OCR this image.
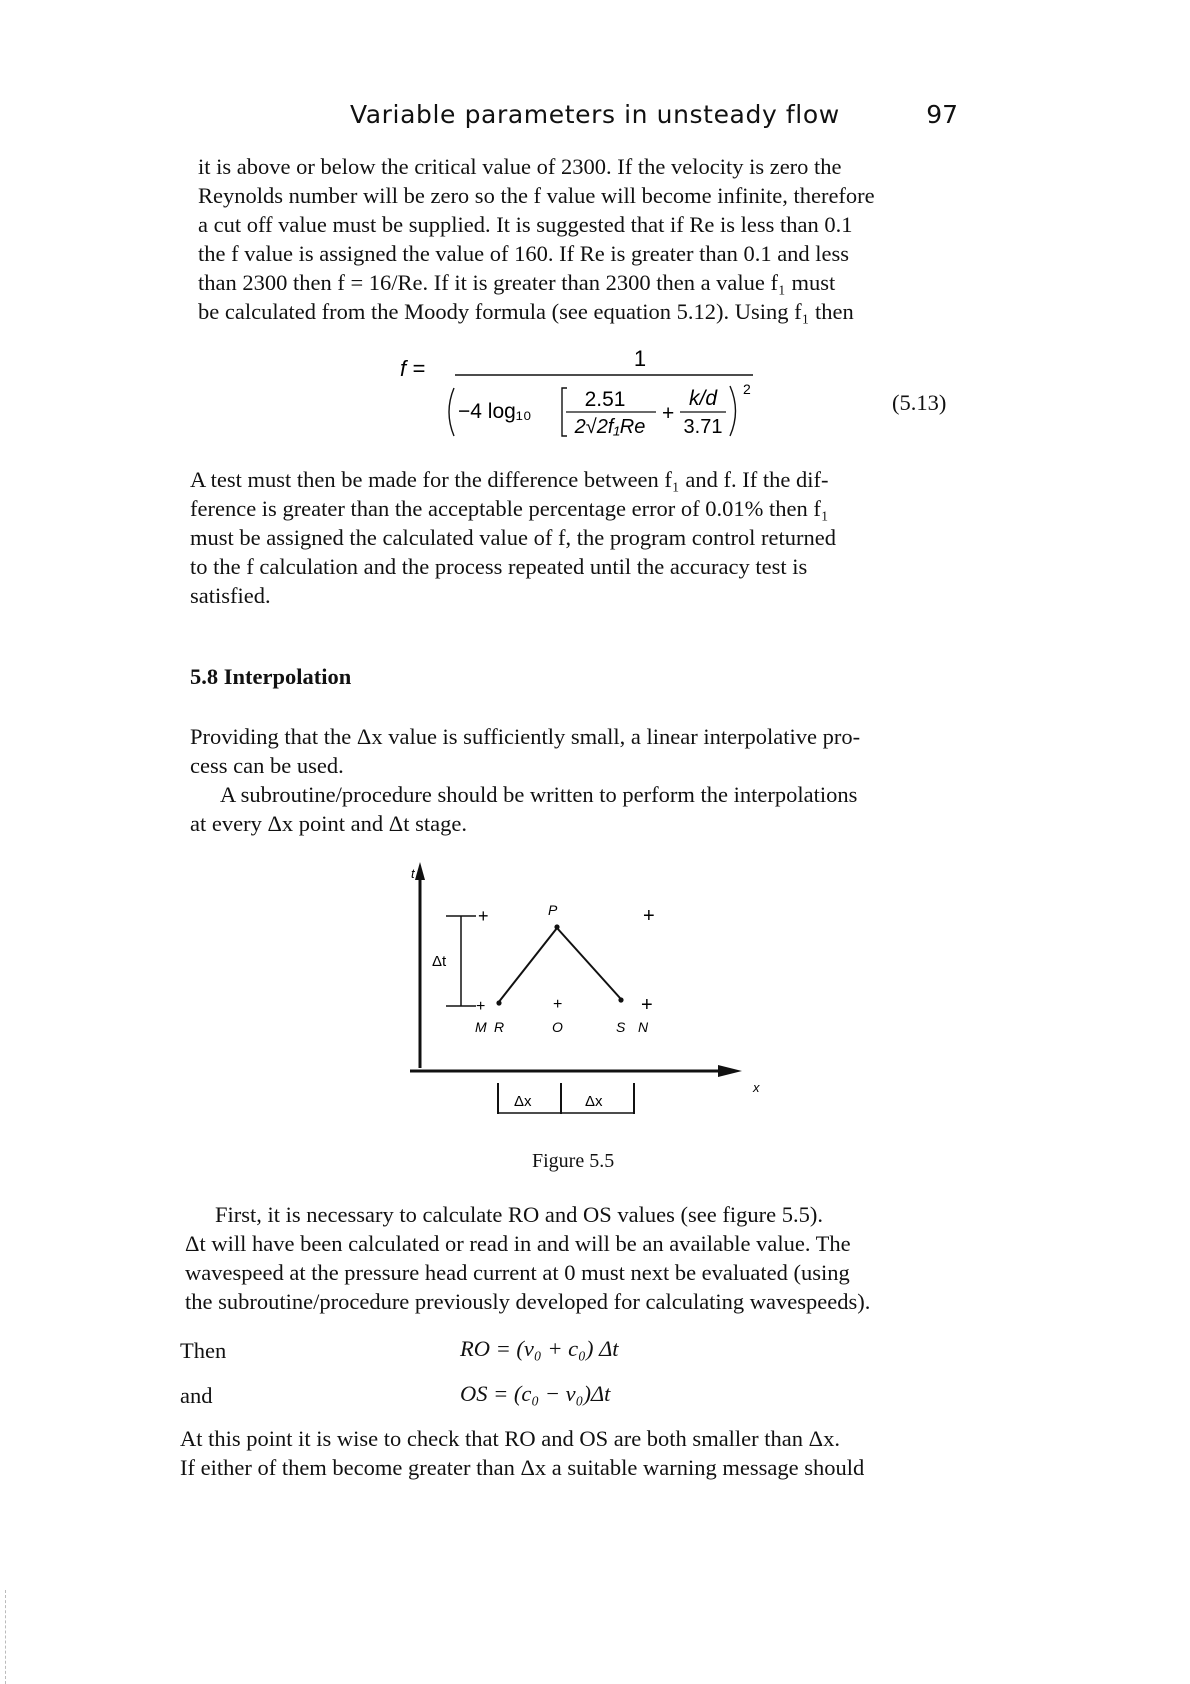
Variable parameters in unsteady flow	97

it is above or below the critical value of 2300. If the velocity is zero the
Reynolds number will be zero so the f value will become infinite, therefore
a cut off value must be supplied. It is suggested that if Re is less than 0.1
the f value is assigned the value of 160. If Re is greater than 0.1 and less
than 2300 then f = 16/Re. If it is greater than 2300 then a value f₁ must
be calculated from the Moody formula (see equation 5.12). Using f₁ then

f =	1
−4 log₁₀
2.51
2√2f₁Re
+
k/d
3.71
2
(5.13)

A test must then be made for the difference between f₁ and f. If the dif-
ference is greater than the acceptable percentage error of 0.01% then f₁
must be assigned the calculated value of f, the program control returned
to the f calculation and the process repeated until the accuracy test is
satisfied.

5.8 Interpolation

Providing that the Δx value is sufficiently small, a linear interpolative pro-
cess can be used.

A subroutine/procedure should be written to perform the interpolations
at every Δx point and Δt stage.

t
x
Δt
+	+
+	+	+
P
M R	O	S N
Δx	Δx
Figure 5.5

First, it is necessary to calculate RO and OS values (see figure 5.5).
Δt will have been calculated or read in and will be an available value. The
wavespeed at the pressure head current at 0 must next be evaluated (using
the subroutine/procedure previously developed for calculating wavespeeds).

Then	RO = (v₀ + c₀) Δt
and	OS = (c₀ − v₀)Δt

At this point it is wise to check that RO and OS are both smaller than Δx.
If either of them become greater than Δx a suitable warning message should
